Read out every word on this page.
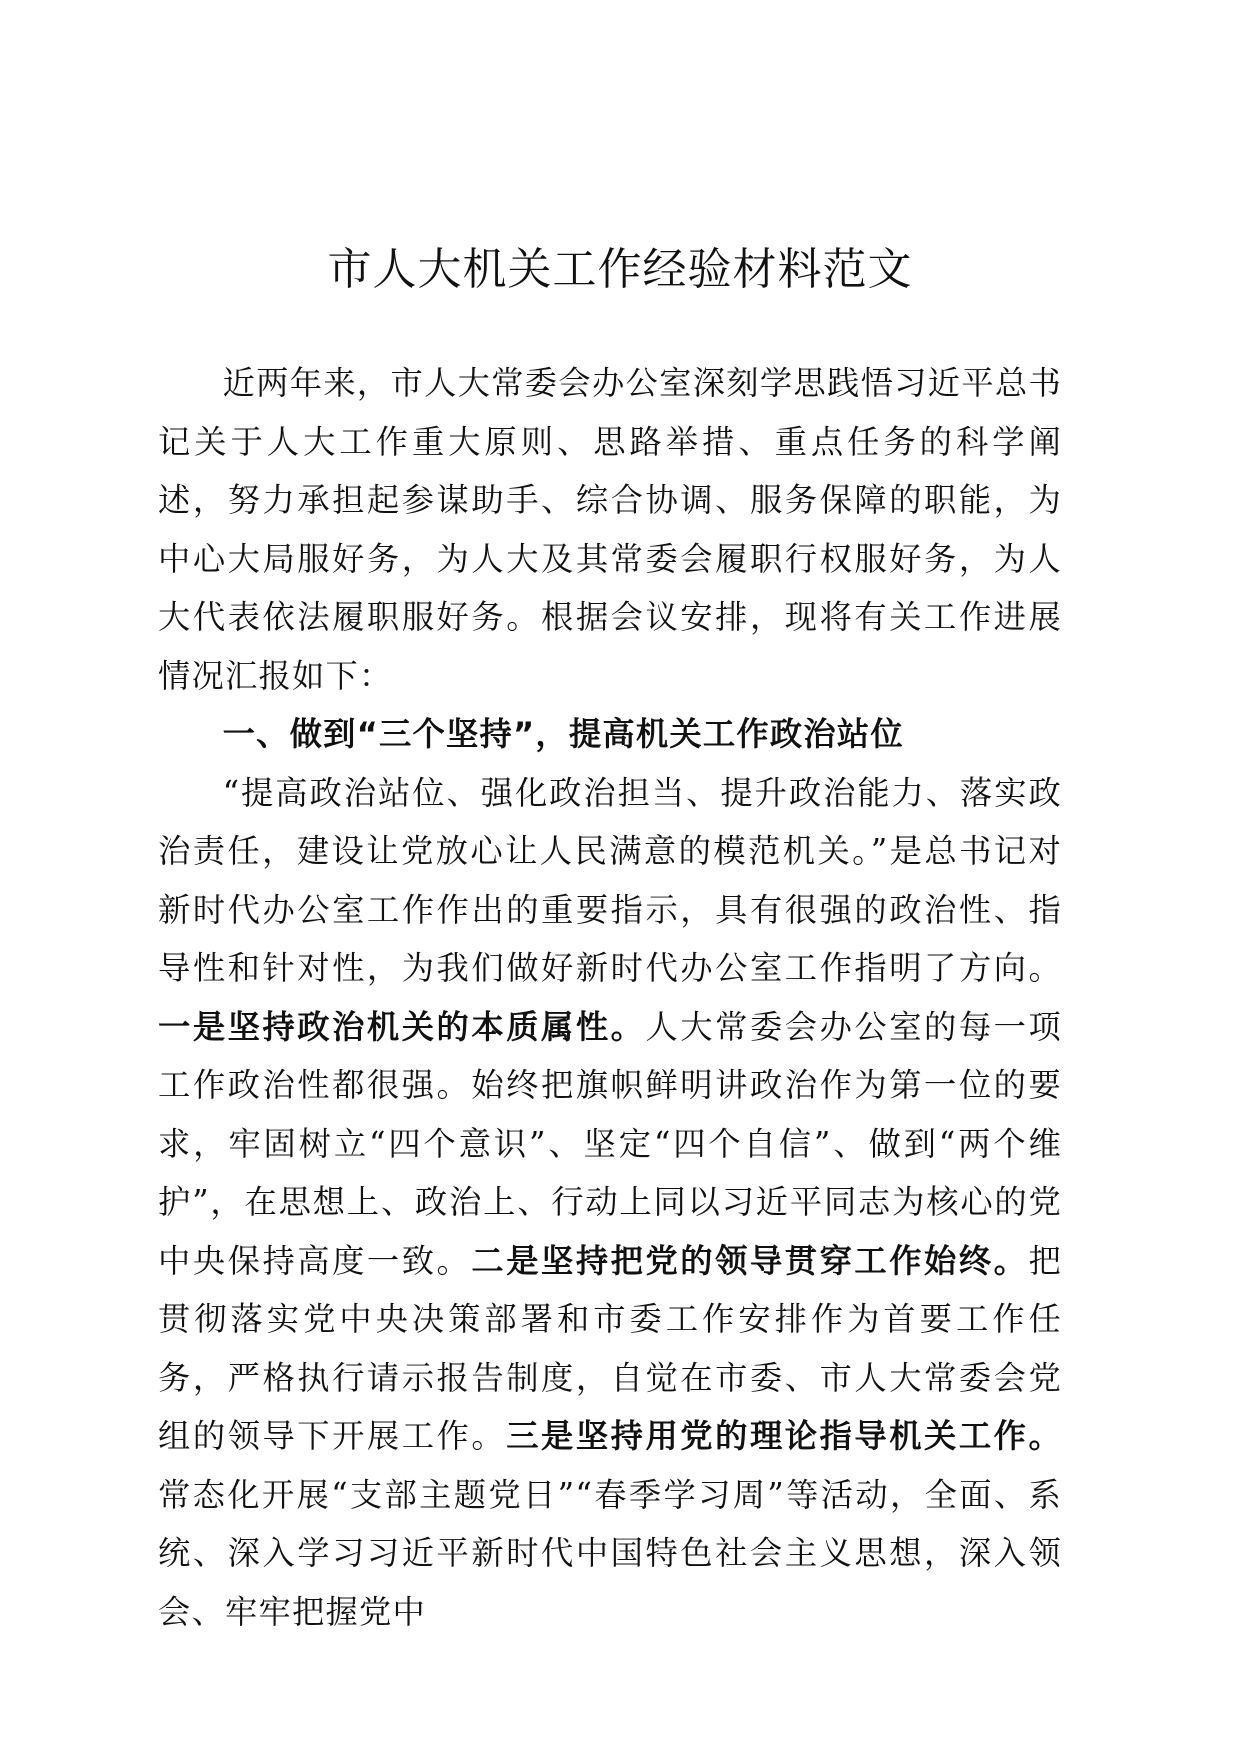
市人大机关工作经验材料范文

近两年来，市人大常委会办公室深刻学思践悟习近平总书记关于人大工作重大原则、思路举措、重点任务的科学阐述，努力承担起参谋助手、综合协调、服务保障的职能，为中心大局服好务，为人大及其常委会履职行权服好务，为人大代表依法履职服好务。根据会议安排，现将有关工作进展情况汇报如下：

一、做到“三个坚持”，提高机关工作政治站位

“提高政治站位、强化政治担当、提升政治能力、落实政治责任，建设让党放心让人民满意的模范机关。”是总书记对新时代办公室工作作出的重要指示，具有很强的政治性、指导性和针对性，为我们做好新时代办公室工作指明了方向。一是坚持政治机关的本质属性。人大常委会办公室的每一项工作政治性都很强。始终把旗帜鲜明讲政治作为第一位的要求，牢固树立“四个意识”、坚定“四个自信”、做到“两个维护”，在思想上、政治上、行动上同以习近平同志为核心的党中央保持高度一致。二是坚持把党的领导贯穿工作始终。把贯彻落实党中央决策部署和市委工作安排作为首要工作任务，严格执行请示报告制度，自觉在市委、市人大常委会党组的领导下开展工作。三是坚持用党的理论指导机关工作。常态化开展“支部主题党日”“春季学习周”等活动，全面、系统、深入学习习近平新时代中国特色社会主义思想，深入领会、牢牢把握党中
